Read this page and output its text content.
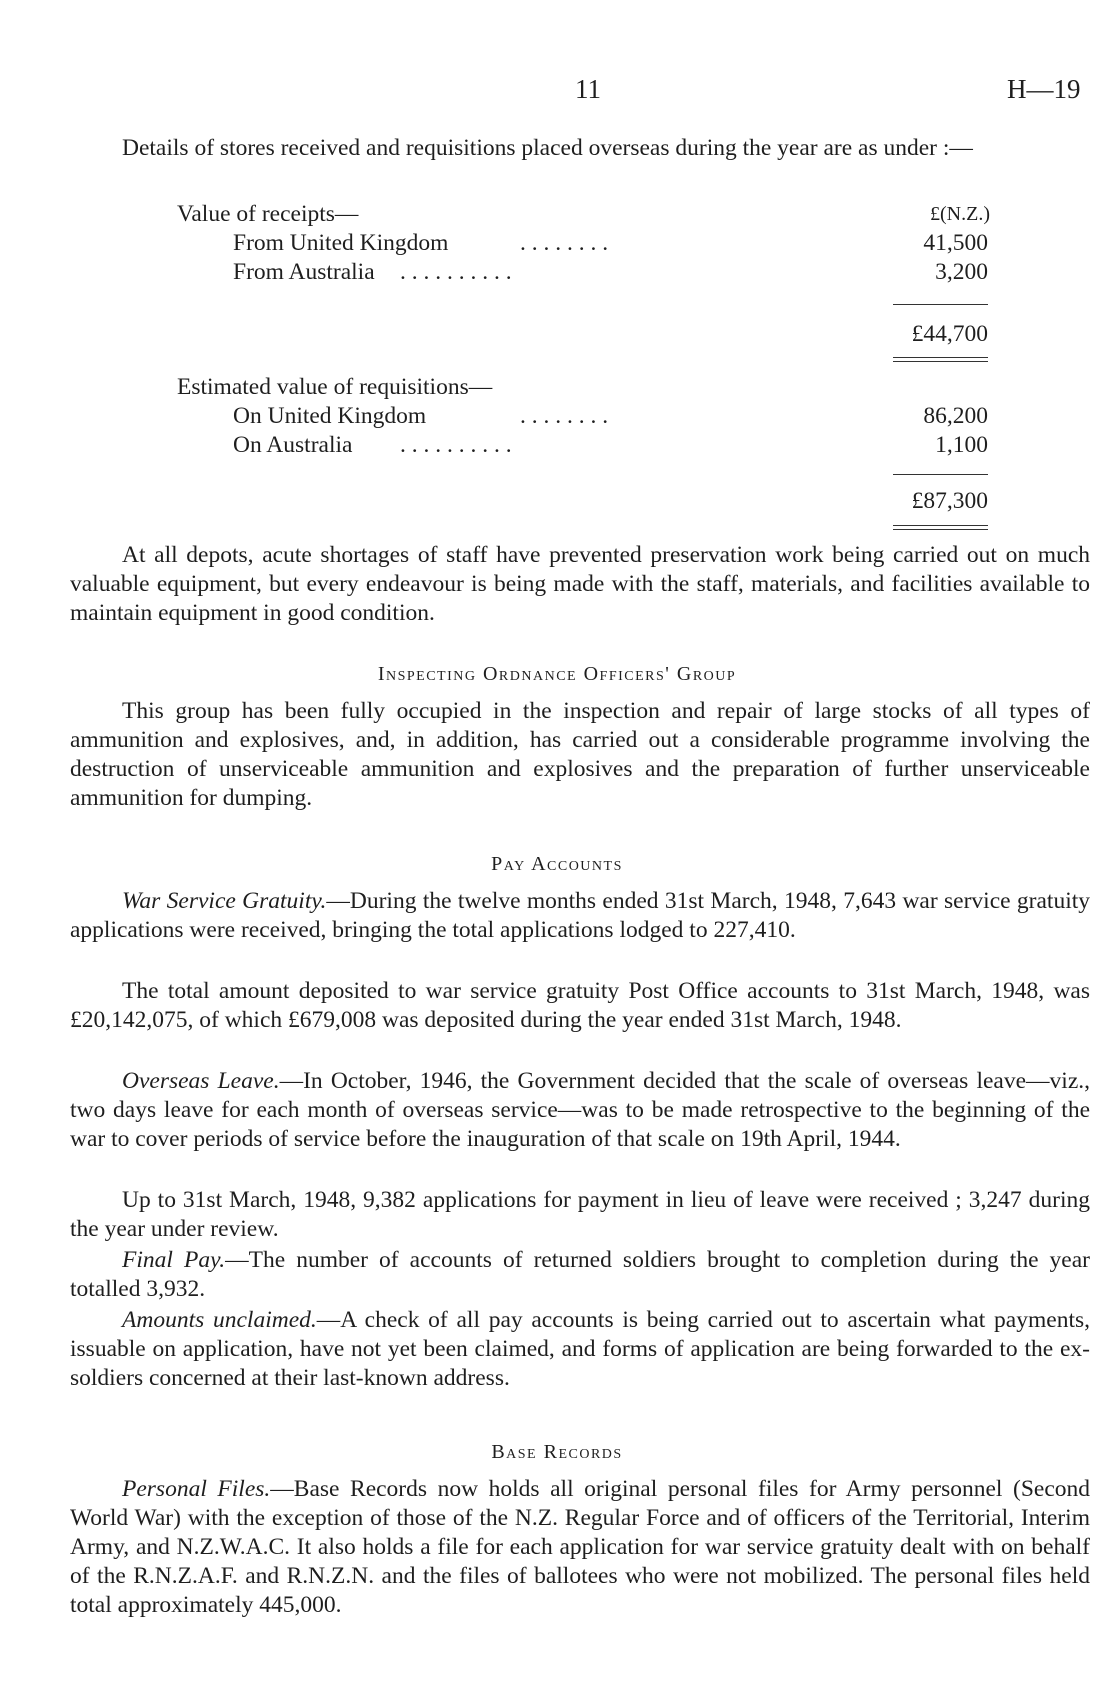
11	H—19

Details of stores received and requisitions placed overseas during the year are as under :—

Value of receipts—	£(N.Z.)
From United Kingdom	. . . . . . . .	41,500
From Australia . . . . . . . . . .	3,200
£44,700
Estimated value of requisitions—
On United Kingdom	. . . . . . . .	86,200
On Australia . . . . . . . . . .	1,100
£87,300

At all depots, acute shortages of staff have prevented preservation work being carried out on much valuable equipment, but every endeavour is being made with the staff, materials, and facilities available to maintain equipment in good condition.

Inspecting Ordnance Officers' Group

This group has been fully occupied in the inspection and repair of large stocks of all types of ammunition and explosives, and, in addition, has carried out a considerable programme involving the destruction of unserviceable ammunition and explosives and the preparation of further unserviceable ammunition for dumping.

Pay Accounts

War Service Gratuity.—During the twelve months ended 31st March, 1948, 7,643 war service gratuity applications were received, bringing the total applications lodged to 227,410.

The total amount deposited to war service gratuity Post Office accounts to 31st March, 1948, was £20,142,075, of which £679,008 was deposited during the year ended 31st March, 1948.

Overseas Leave.—In October, 1946, the Government decided that the scale of overseas leave—viz., two days leave for each month of overseas service—was to be made retrospective to the beginning of the war to cover periods of service before the inauguration of that scale on 19th April, 1944.

Up to 31st March, 1948, 9,382 applications for payment in lieu of leave were received ; 3,247 during the year under review.

Final Pay.—The number of accounts of returned soldiers brought to completion during the year totalled 3,932.

Amounts unclaimed.—A check of all pay accounts is being carried out to ascertain what payments, issuable on application, have not yet been claimed, and forms of application are being forwarded to the ex-soldiers concerned at their last-known address.

Base Records

Personal Files.—Base Records now holds all original personal files for Army personnel (Second World War) with the exception of those of the N.Z. Regular Force and of officers of the Territorial, Interim Army, and N.Z.W.A.C. It also holds a file for each application for war service gratuity dealt with on behalf of the R.N.Z.A.F. and R.N.Z.N. and the files of ballotees who were not mobilized. The personal files held total approximately 445,000.
